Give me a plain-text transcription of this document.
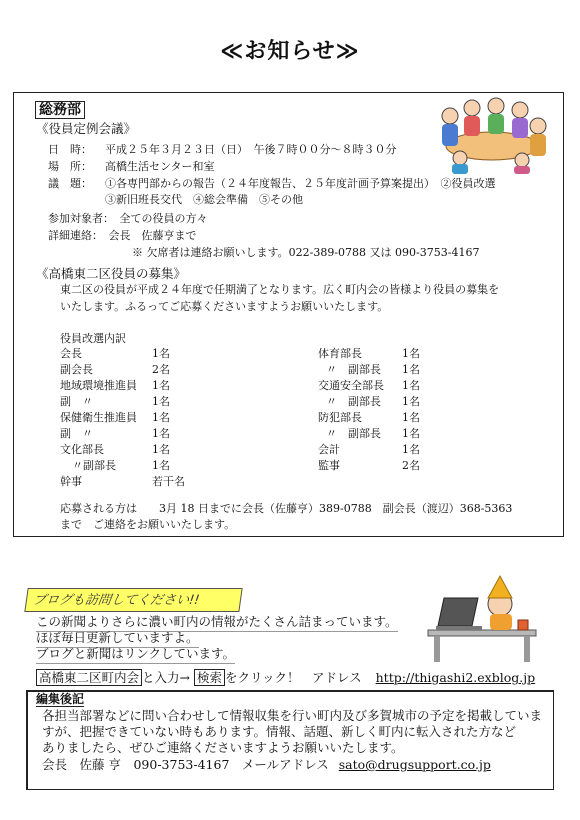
≪お知らせ≫
総務部
《役員定例会議》
日　時： 平成２５年３月２３日（日）　午後７時００分～８時３０分
場　所： 高橋生活センター和室
議　題： ①各専門部からの報告（２４年度報告、２５年度計画予算案提出）　②役員改選
③新旧班長交代　④総会準備　⑤その他
参加対象者：　全ての役員の方々
詳細連絡：　会長　佐藤亨まで
※ 欠席者は連絡お願いします。022-389-0788 又は 090-3753-4167
《高橋東二区役員の募集》
東二区の役員が平成２４年度で任期満了となります。広く町内会の皆様より役員の募集を
いたします。ふるってご応募くださいますようお願いいたします。
役員改選内訳
会長	1名
副会長	2名
地域環境推進員 1名
副　〃	1名
保健衛生推進員 1名
副　〃	1名
文化部長	1名
〃副部長	1名
幹事	若干名
体育部長	1名
〃　副部長 1名
交通安全部長 1名
〃　副部長 1名
防犯部長	1名
〃　副部長 1名
会計	1名
監事	2名
応募される方は　　3月 18 日までに会長（佐藤亨）389-0788　副会長（渡辺）368-5363
まで　ご連絡をお願いいたします。
ブログも訪問してください!!
この新聞よりさらに濃い町内の情報がたくさん詰まっています。
ほぼ毎日更新していますよ。
ブログと新聞はリンクしています。
高橋東二区町内会 と入力→ 検索 をクリック！　アドレス http://thigashi2.exblog.jp
編集後記
各担当部署などに問い合わせして情報収集を行い町内及び多賀城市の予定を掲載していま
すが、把握できていない時もあります。情報、話題、新しく町内に転入された方など
ありましたら、ぜひご連絡くださいますようお願いいたします。
会長　佐藤 亨　090-3753-4167　メールアドレス sato@drugsupport.co.jp
